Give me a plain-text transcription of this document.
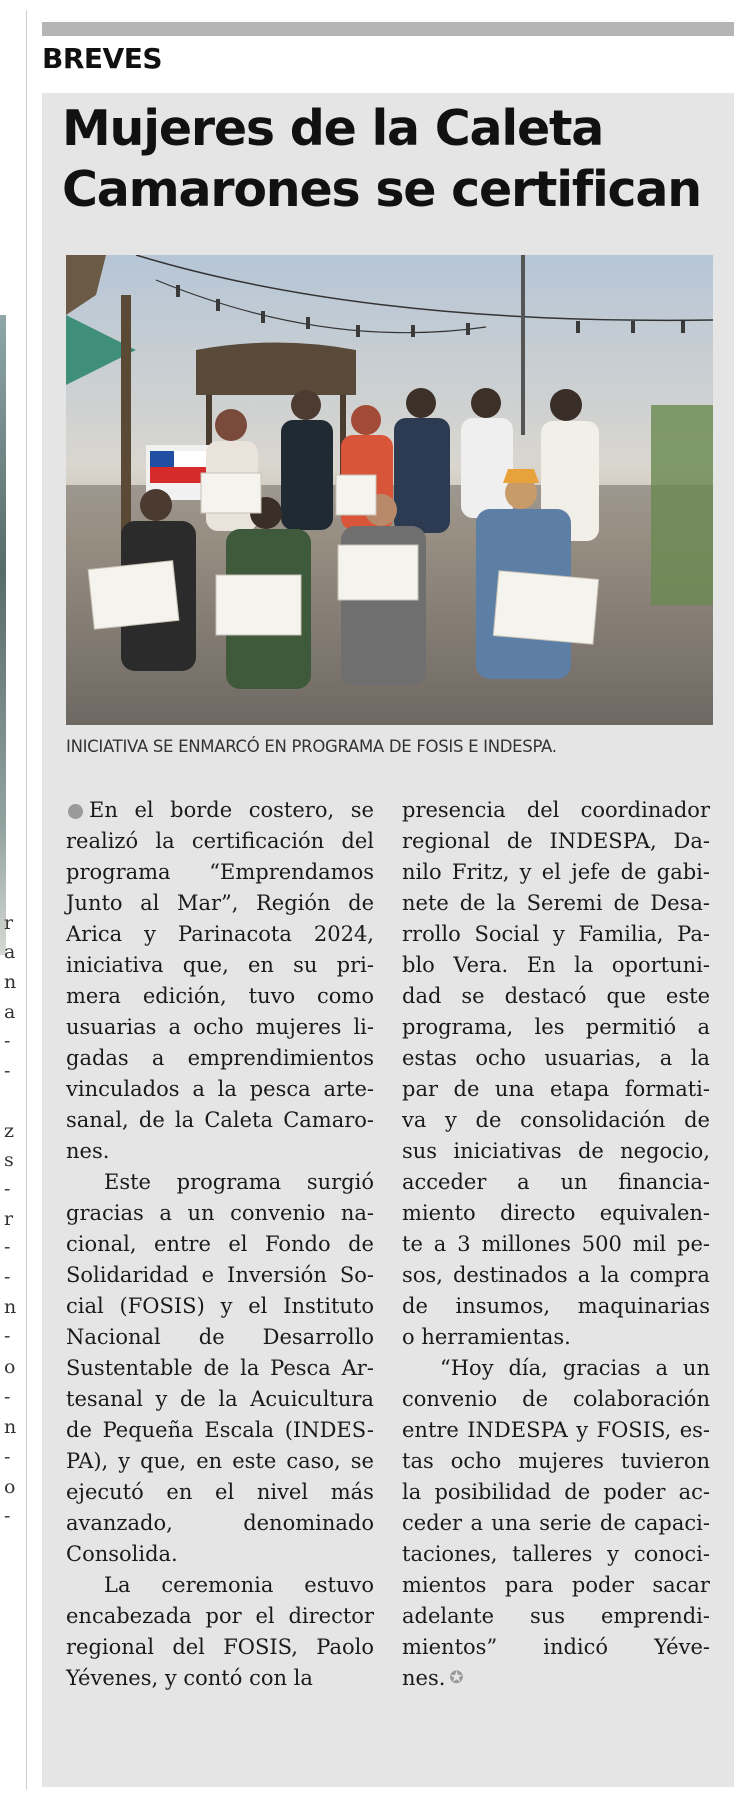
r
a
n
a
-
-
z
s
-
r
-
-
n
-
o
-
n
-
o
-
BREVES
Mujeres de la Caleta
Camarones se certifican
INICIATIVA SE ENMARCÓ EN PROGRAMA DE FOSIS E INDESPA.
En el borde costero, se
realizó la certificación del
programa “Emprendamos
Junto al Mar”, Región de
Arica y Parinacota 2024,
iniciativa que, en su pri-
mera edición, tuvo como
usuarias a ocho mujeres li-
gadas a emprendimientos
vinculados a la pesca arte-
sanal, de la Caleta Camaro-
nes.
Este programa surgió
gracias a un convenio na-
cional, entre el Fondo de
Solidaridad e Inversión So-
cial (FOSIS) y el Instituto
Nacional de Desarrollo
Sustentable de la Pesca Ar-
tesanal y de la Acuicultura
de Pequeña Escala (INDES-
PA), y que, en este caso, se
ejecutó en el nivel más
avanzado,	denominado
Consolida.
La ceremonia estuvo
encabezada por el director
regional del FOSIS, Paolo
Yévenes, y contó con la
presencia del coordinador
regional de INDESPA, Da-
nilo Fritz, y el jefe de gabi-
nete de la Seremi de Desa-
rrollo Social y Familia, Pa-
blo Vera. En la oportuni-
dad se destacó que este
programa, les permitió a
estas ocho usuarias, a la
par de una etapa formati-
va y de consolidación de
sus iniciativas de negocio,
acceder a un financia-
miento directo equivalen-
te a 3 millones 500 mil pe-
sos, destinados a la compra
de insumos, maquinarias
o herramientas.
“Hoy día, gracias a un
convenio de colaboración
entre INDESPA y FOSIS, es-
tas ocho mujeres tuvieron
la posibilidad de poder ac-
ceder a una serie de capaci-
taciones, talleres y conoci-
mientos para poder sacar
adelante sus emprendi-
mientos” indicó Yéve-
nes. ✪
